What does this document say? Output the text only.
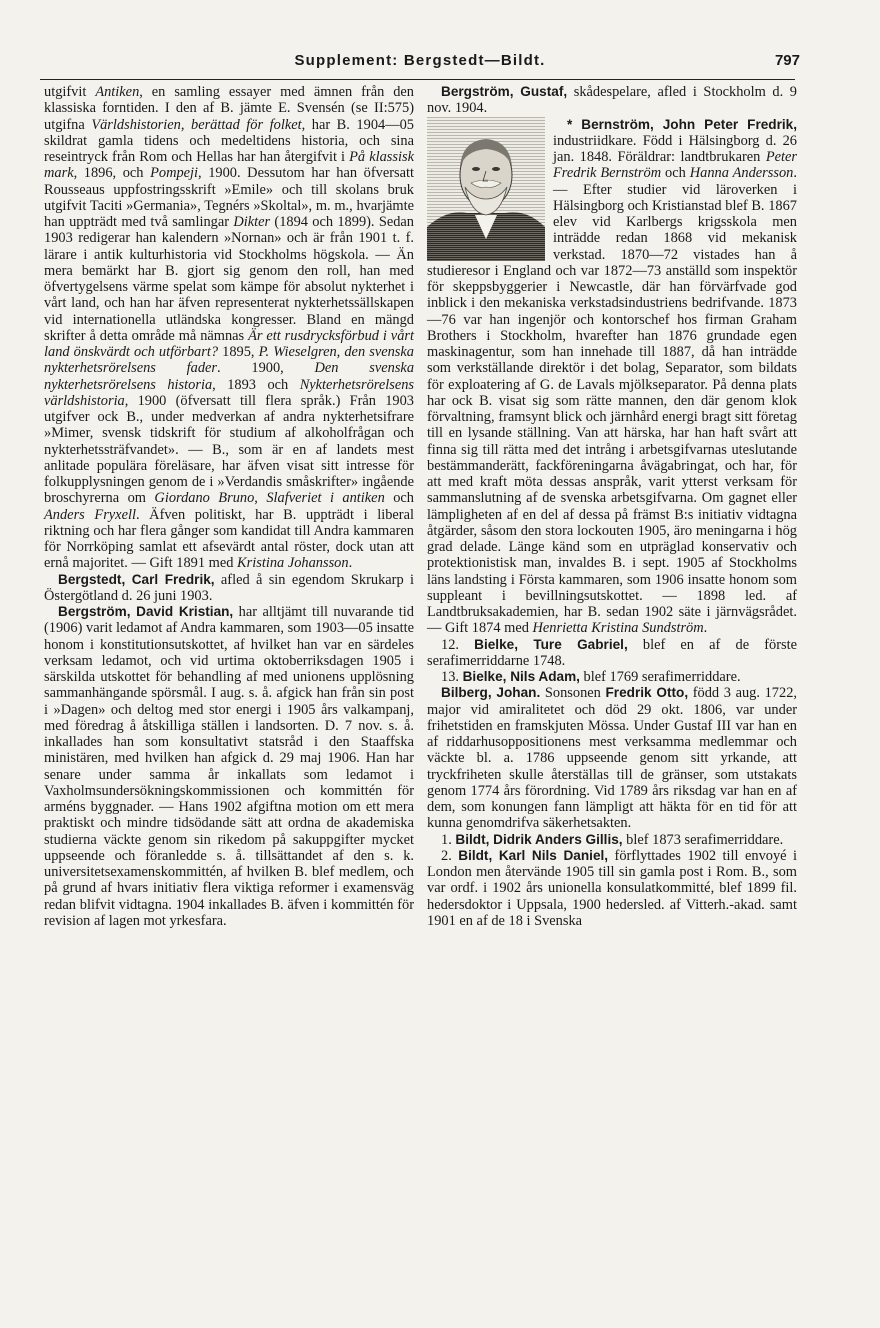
Supplement: Bergstedt—Bildt.	797

utgifvit Antiken, en samling essayer med ämnen från den klassiska forntiden. I den af B. jämte E. Svensén (se II:575) utgifna Världshistorien, berättad för folket, har B. 1904—05 skildrat gamla tidens och medeltidens historia, och sina reseintryck från Rom och Hellas har han återgifvit i På klassisk mark, 1896, och Pompeji, 1900. Dessutom har han öfversatt Rousseaus uppfostringsskrift »Emile» och till skolans bruk utgifvit Taciti »Germania», Tegnérs »Skoltal», m. m., hvarjämte han uppträdt med två samlingar Dikter (1894 och 1899). Sedan 1903 redigerar han kalendern »Nornan» och är från 1901 t. f. lärare i antik kulturhistoria vid Stockholms högskola. — Än mera bemärkt har B. gjort sig genom den roll, han med öfvertygelsens värme spelat som kämpe för absolut nykterhet i vårt land, och han har äfven representerat nykterhetssällskapen vid internationella utländska kongresser. Bland en mängd skrifter å detta område må nämnas Är ett rusdrycksförbud i vårt land önskvärdt och utförbart? 1895, P. Wieselgren, den svenska nykterhetsrörelsens fader. 1900, Den svenska nykterhetsrörelsens historia, 1893 och Nykterhetsrörelsens världshistoria, 1900 (öfversatt till flera språk.) Från 1903 utgifver ock B., under medverkan af andra nykterhetsifrare »Mimer, svensk tidskrift för studium af alkoholfrågan och nykterhetssträfvandet». — B., som är en af landets mest anlitade populära föreläsare, har äfven visat sitt intresse för folkupplysningen genom de i »Verdandis småskrifter» ingående broschyrerna om Giordano Bruno, Slafveriet i antiken och Anders Fryxell. Äfven politiskt, har B. uppträdt i liberal riktning och har flera gånger som kandidat till Andra kammaren för Norrköping samlat ett afsevärdt antal röster, dock utan att ernå majoritet. — Gift 1891 med Kristina Johansson.

Bergstedt, Carl Fredrik, afled å sin egendom Skrukarp i Östergötland d. 26 juni 1903.

Bergström, David Kristian, har alltjämt till nuvarande tid (1906) varit ledamot af Andra kammaren, som 1903—05 insatte honom i konstitutionsutskottet, af hvilket han var en särdeles verksam ledamot, och vid urtima oktoberriksdagen 1905 i särskilda utskottet för behandling af med unionens upplösning sammanhängande spörsmål. I aug. s. å. afgick han från sin post i »Dagen» och deltog med stor energi i 1905 års valkampanj, med föredrag å åtskilliga ställen i landsorten. D. 7 nov. s. å. inkallades han som konsultativt statsråd i den Staaffska ministären, med hvilken han afgick d. 29 maj 1906. Han har senare under samma år inkallats som ledamot i Vaxholmsundersökningskommissionen och kommittén för arméns byggnader. — Hans 1902 afgiftna motion om ett mera praktiskt och mindre tidsödande sätt att ordna de akademiska studierna väckte genom sin rikedom på sakuppgifter mycket uppseende och föranledde s. å. tillsättandet af den s. k. universitetsexamenskommittén, af hvilken B. blef medlem, och på grund af hvars initiativ flera viktiga reformer i examensväg redan blifvit vidtagna. 1904 inkallades B. äfven i kommittén för revision af lagen mot yrkesfara.

Bergström, Gustaf, skådespelare, afled i Stockholm d. 9 nov. 1904.

* Bernström, John Peter Fredrik, industriidkare. Född i Hälsingborg d. 26 jan. 1848. Föräldrar: landtbrukaren Peter Fredrik Bernström och Hanna Andersson. — Efter studier vid läroverken i Hälsingborg och Kristianstad blef B. 1867 elev vid Karlbergs krigsskola men inträdde redan 1868 vid mekanisk verkstad. 1870—72 vistades han å studieresor i England och var 1872—73 anställd som inspektör för skeppsbyggerier i Newcastle, där han förvärfvade god inblick i den mekaniska verkstadsindustriens bedrifvande. 1873—76 var han ingenjör och kontorschef hos firman Graham Brothers i Stockholm, hvarefter han 1876 grundade egen maskinagentur, som han innehade till 1887, då han inträdde som verkställande direktör i det bolag, Separator, som bildats för exploatering af G. de Lavals mjölkseparator. På denna plats har ock B. visat sig som rätte mannen, den där genom klok förvaltning, framsynt blick och järnhård energi bragt sitt företag till en lysande ställning. Van att härska, har han haft svårt att finna sig till rätta med det intrång i arbetsgifvarnas uteslutande bestämmanderätt, fackföreningarna åvägabringat, och har, för att med kraft möta dessas anspråk, varit ytterst verksam för sammanslutning af de svenska arbetsgifvarna. Om gagnet eller lämpligheten af en del af dessa på främst B:s initiativ vidtagna åtgärder, såsom den stora lockouten 1905, äro meningarna i hög grad delade. Länge känd som en utpräglad konservativ och protektionistisk man, invaldes B. i sept. 1905 af Stockholms läns landsting i Första kammaren, som 1906 insatte honom som suppleant i bevillningsutskottet. — 1898 led. af Landtbruksakademien, har B. sedan 1902 säte i järnvägsrådet. — Gift 1874 med Henrietta Kristina Sundström.

12. Bielke, Ture Gabriel, blef en af de förste serafimerriddarne 1748.

13. Bielke, Nils Adam, blef 1769 serafimerriddare.

Bilberg, Johan. Sonsonen Fredrik Otto, född 3 aug. 1722, major vid amiralitetet och död 29 okt. 1806, var under frihetstiden en framskjuten Mössa. Under Gustaf III var han en af riddarhusoppositionens mest verksamma medlemmar och väckte bl. a. 1786 uppseende genom sitt yrkande, att tryckfriheten skulle återställas till de gränser, som utstakats genom 1774 års förordning. Vid 1789 års riksdag var han en af dem, som konungen fann lämpligt att häkta för en tid för att kunna genomdrifva säkerhetsakten.

1. Bildt, Didrik Anders Gillis, blef 1873 serafimerriddare.

2. Bildt, Karl Nils Daniel, förflyttades 1902 till envoyé i London men återvände 1905 till sin gamla post i Rom. B., som var ordf. i 1902 års unionella konsulatkommitté, blef 1899 fil. hedersdoktor i Uppsala, 1900 hedersled. af Vitterh.-akad. samt 1901 en af de 18 i Svenska
